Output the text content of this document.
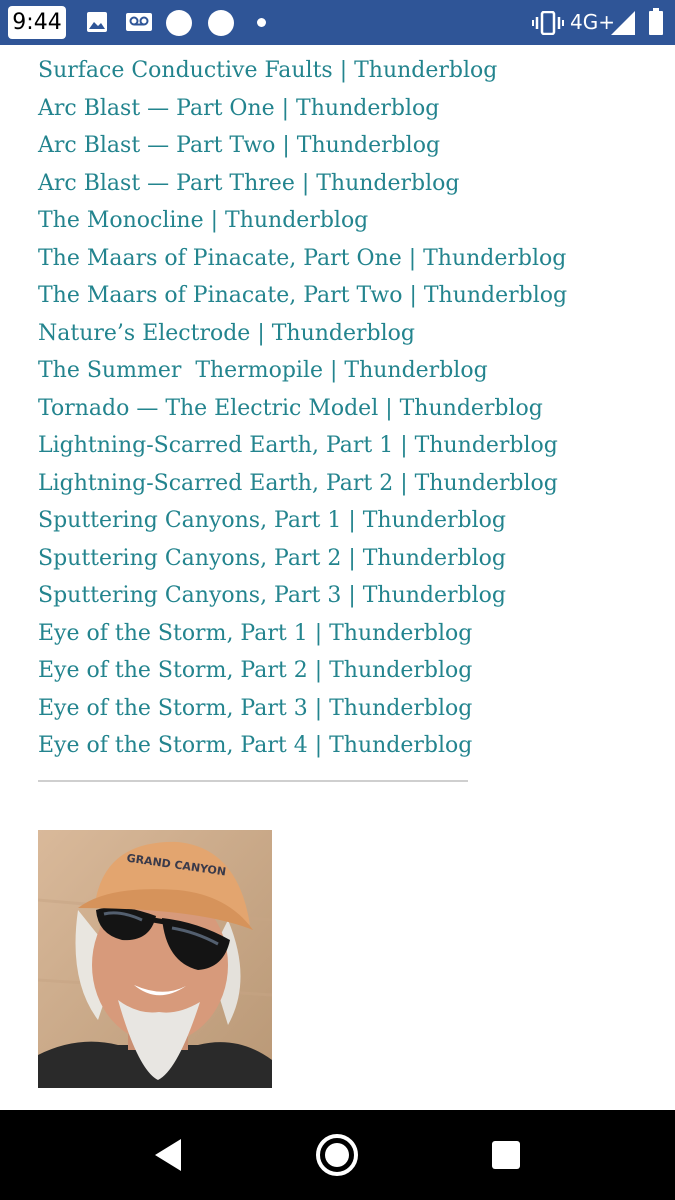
9:44	4G+
Surface Conductive Faults | Thunderblog
Arc Blast — Part One | Thunderblog
Arc Blast — Part Two | Thunderblog
Arc Blast — Part Three | Thunderblog
The Monocline | Thunderblog
The Maars of Pinacate, Part One | Thunderblog
The Maars of Pinacate, Part Two | Thunderblog
Nature’s Electrode | Thunderblog
The Summer  Thermopile | Thunderblog
Tornado — The Electric Model | Thunderblog
Lightning-Scarred Earth, Part 1 | Thunderblog
Lightning-Scarred Earth, Part 2 | Thunderblog
Sputtering Canyons, Part 1 | Thunderblog
Sputtering Canyons, Part 2 | Thunderblog
Sputtering Canyons, Part 3 | Thunderblog
Eye of the Storm, Part 1 | Thunderblog
Eye of the Storm, Part 2 | Thunderblog
Eye of the Storm, Part 3 | Thunderblog
Eye of the Storm, Part 4 | Thunderblog
GRAND CANYON
